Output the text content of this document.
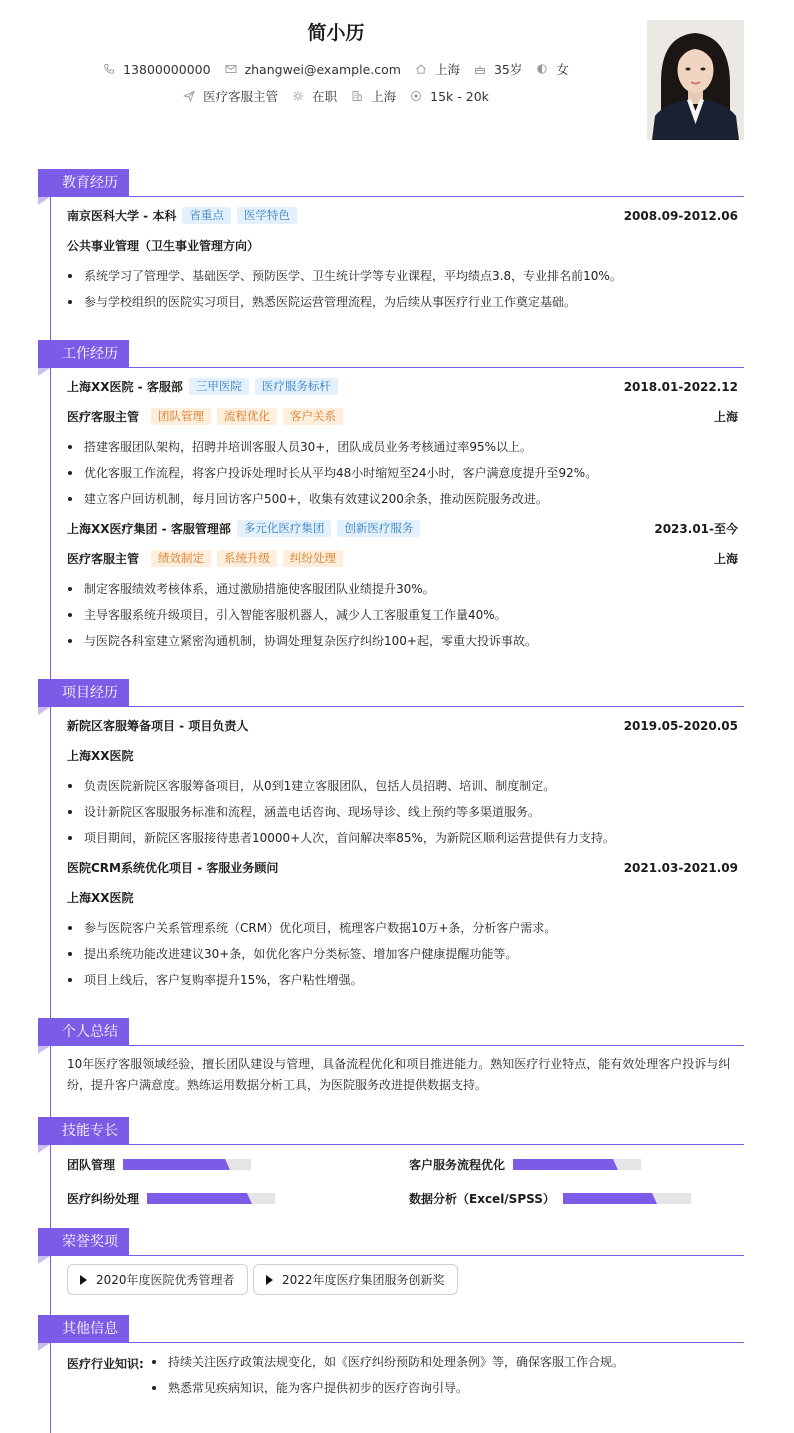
简小历
13800000000	zhangwei@example.com	上海	35岁	女
医疗客服主管	在职	上海	15k - 20k
教育经历
南京医科大学 - 本科	省重点	医学特色	2008.09-2012.06
公共事业管理（卫生事业管理方向）
系统学习了管理学、基础医学、预防医学、卫生统计学等专业课程，平均绩点3.8，专业排名前10%。
参与学校组织的医院实习项目，熟悉医院运营管理流程，为后续从事医疗行业工作奠定基础。
工作经历
上海XX医院 - 客服部	三甲医院	医疗服务标杆	2018.01-2022.12
医疗客服主管	团队管理	流程优化	客户关系	上海
搭建客服团队架构，招聘并培训客服人员30+，团队成员业务考核通过率95%以上。
优化客服工作流程，将客户投诉处理时长从平均48小时缩短至24小时，客户满意度提升至92%。
建立客户回访机制，每月回访客户500+，收集有效建议200余条，推动医院服务改进。
上海XX医疗集团 - 客服管理部	多元化医疗集团	创新医疗服务	2023.01-至今
医疗客服主管	绩效制定	系统升级	纠纷处理	上海
制定客服绩效考核体系，通过激励措施使客服团队业绩提升30%。
主导客服系统升级项目，引入智能客服机器人，减少人工客服重复工作量40%。
与医院各科室建立紧密沟通机制，协调处理复杂医疗纠纷100+起，零重大投诉事故。
项目经历
新院区客服筹备项目 - 项目负责人	2019.05-2020.05
上海XX医院
负责医院新院区客服筹备项目，从0到1建立客服团队，包括人员招聘、培训、制度制定。
设计新院区客服服务标准和流程，涵盖电话咨询、现场导诊、线上预约等多渠道服务。
项目期间，新院区客服接待患者10000+人次，首问解决率85%，为新院区顺利运营提供有力支持。
医院CRM系统优化项目 - 客服业务顾问	2021.03-2021.09
上海XX医院
参与医院客户关系管理系统（CRM）优化项目，梳理客户数据10万+条，分析客户需求。
提出系统功能改进建议30+条，如优化客户分类标签、增加客户健康提醒功能等。
项目上线后，客户复购率提升15%，客户粘性增强。
个人总结
10年医疗客服领域经验，擅长团队建设与管理，具备流程优化和项目推进能力。熟知医疗行业特点，能有效处理客户投诉与纠纷，提升客户满意度。熟练运用数据分析工具，为医院服务改进提供数据支持。
技能专长
团队管理	客户服务流程优化
医疗纠纷处理	数据分析（Excel/SPSS）
荣誉奖项
2020年度医院优秀管理者	2022年度医疗集团服务创新奖
其他信息
医疗行业知识:	持续关注医疗政策法规变化，如《医疗纠纷预防和处理条例》等，确保客服工作合规。
熟悉常见疾病知识，能为客户提供初步的医疗咨询引导。
